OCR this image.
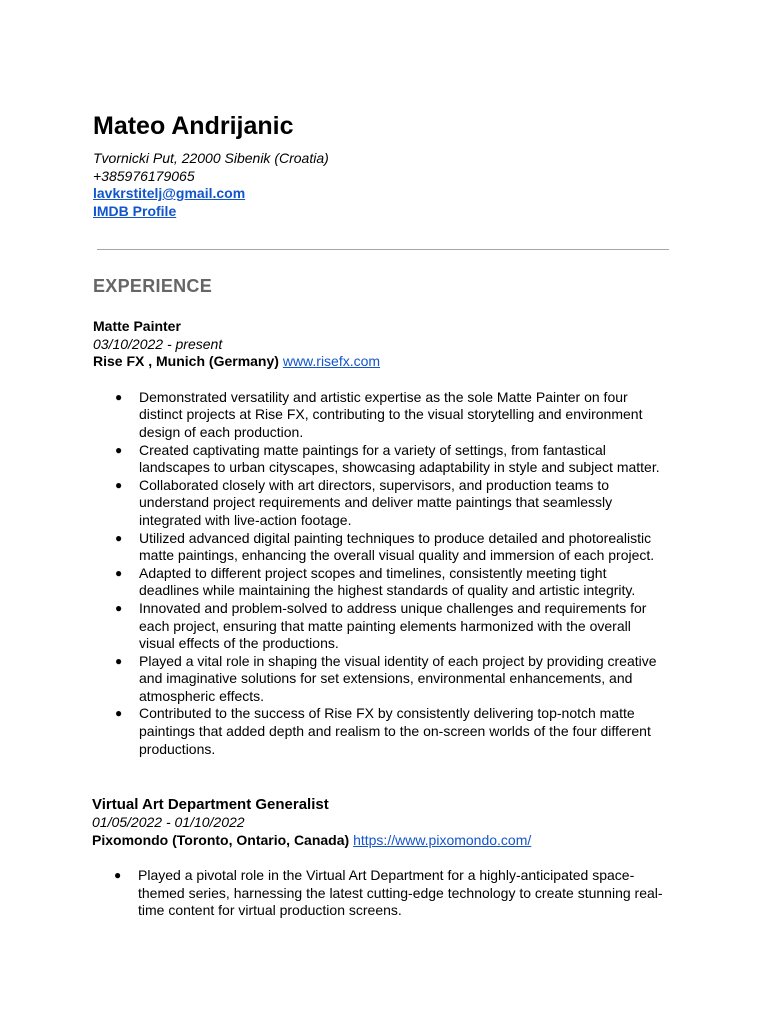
Mateo Andrijanic
Tvornicki Put, 22000 Sibenik (Croatia)
+385976179065
lavkrstitelj@gmail.com
IMDB Profile
EXPERIENCE
Matte Painter
03/10/2022 - present
Rise FX , Munich (Germany) www.risefx.com
● Demonstrated versatility and artistic expertise as the sole Matte Painter on four distinct projects at Rise FX, contributing to the visual storytelling and environment design of each production.
● Created captivating matte paintings for a variety of settings, from fantastical landscapes to urban cityscapes, showcasing adaptability in style and subject matter.
● Collaborated closely with art directors, supervisors, and production teams to understand project requirements and deliver matte paintings that seamlessly integrated with live-action footage.
● Utilized advanced digital painting techniques to produce detailed and photorealistic matte paintings, enhancing the overall visual quality and immersion of each project.
● Adapted to different project scopes and timelines, consistently meeting tight deadlines while maintaining the highest standards of quality and artistic integrity.
● Innovated and problem-solved to address unique challenges and requirements for each project, ensuring that matte painting elements harmonized with the overall visual effects of the productions.
● Played a vital role in shaping the visual identity of each project by providing creative and imaginative solutions for set extensions, environmental enhancements, and atmospheric effects.
● Contributed to the success of Rise FX by consistently delivering top-notch matte paintings that added depth and realism to the on-screen worlds of the four different productions.
Virtual Art Department Generalist
01/05/2022 - 01/10/2022
Pixomondo (Toronto, Ontario, Canada) https://www.pixomondo.com/
● Played a pivotal role in the Virtual Art Department for a highly-anticipated space-themed series, harnessing the latest cutting-edge technology to create stunning real-time content for virtual production screens.
